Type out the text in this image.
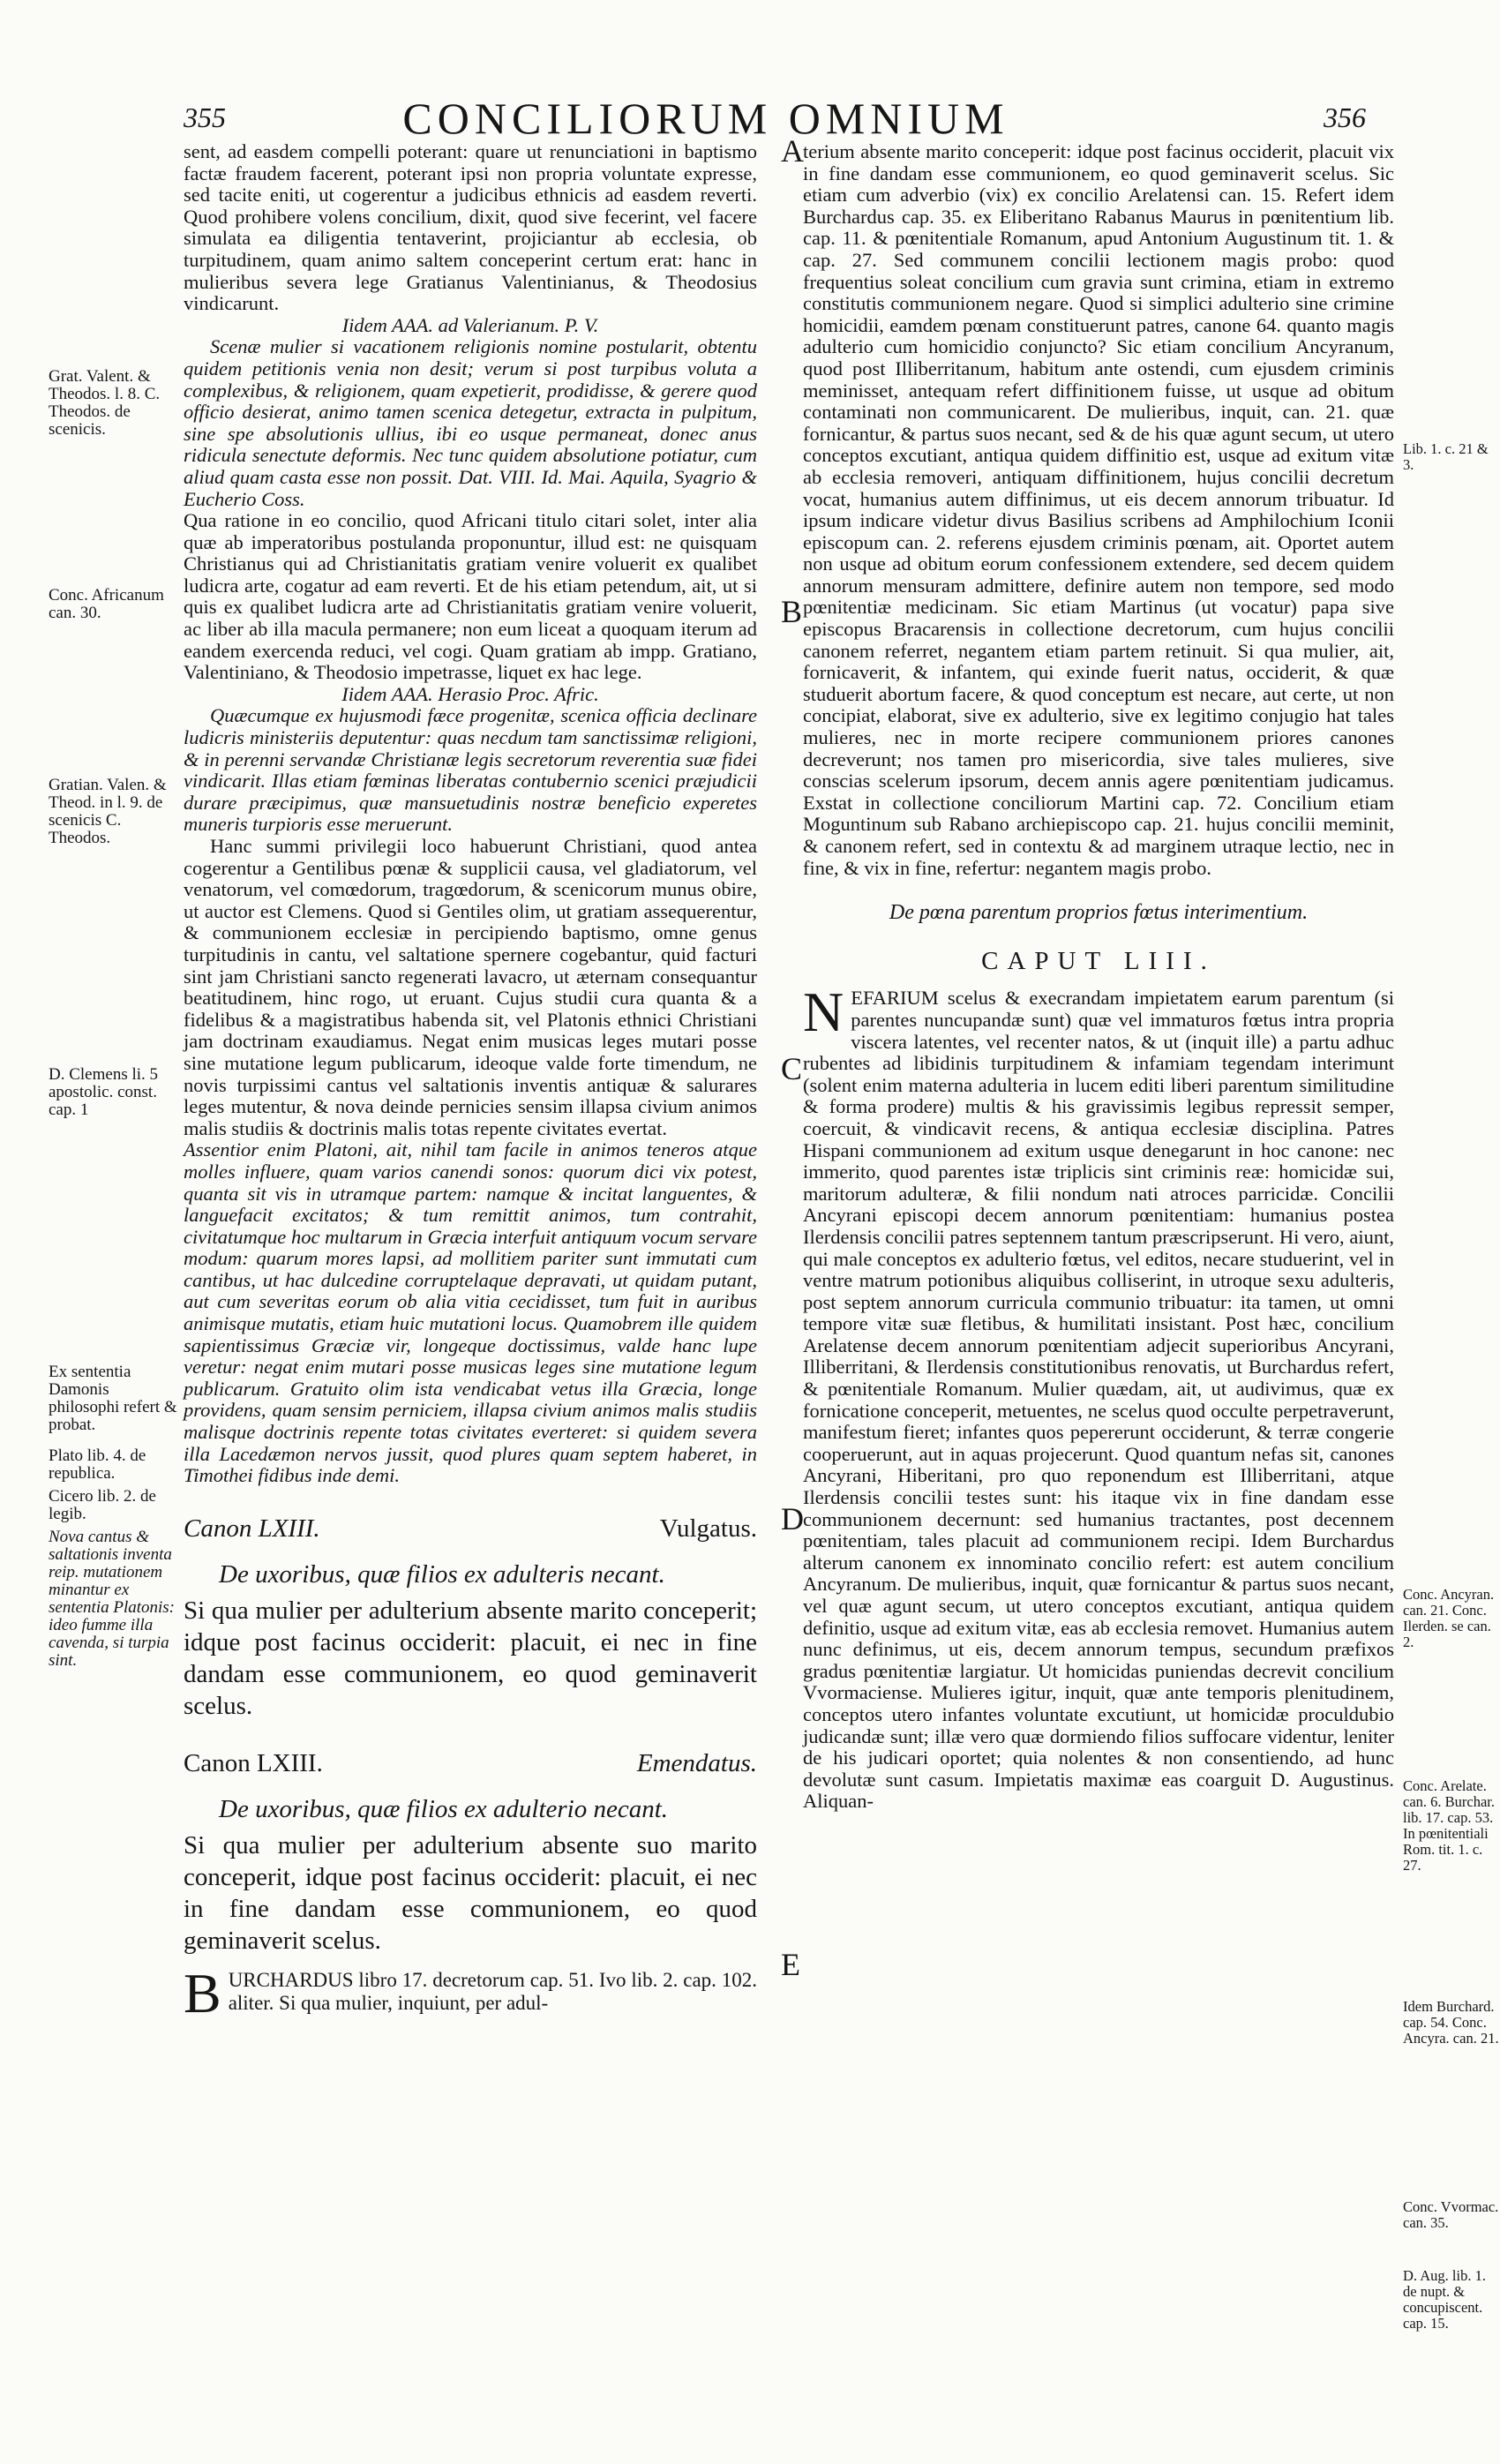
355	CONCILIORUM OMNIUM	356

sent, ad easdem compelli poterant: quare ut renunciationi in baptismo factæ fraudem facerent, poterant ipsi non propria voluntate expresse, sed tacite eniti, ut cogerentur a judicibus ethnicis ad easdem reverti. Quod prohibere volens concilium, dixit, quod sive fecerint, vel facere simulata ea diligentia tentaverint, projiciantur ab ecclesia, ob turpitudinem, quam animo saltem conceperint certum erat: hanc in mulieribus severa lege Gratianus Valentinianus, & Theodosius vindicarunt.

Iidem AAA. ad Valerianum. P. V.

Scenæ mulier si vacationem religionis nomine postularit, obtentu quidem petitionis venia non desit; verum si post turpibus voluta a complexibus, & religionem, quam expetierit, prodidisse, & gerere quod officio desierat, animo tamen scenica detegetur, extracta in pulpitum, sine spe absolutionis ullius, ibi eo usque permaneat, donec anus ridicula senectute deformis. Nec tunc quidem absolutione potiatur, cum aliud quam casta esse non possit. Dat. VIII. Id. Mai. Aquila, Syagrio & Eucherio Coss.

Qua ratione in eo concilio, quod Africani titulo citari solet, inter alia quæ ab imperatoribus postulanda proponuntur, illud est: ne quisquam Christianus qui ad Christianitatis gratiam venire voluerit ex qualibet ludicra arte, cogatur ad eam reverti. Et de his etiam petendum, ait, ut si quis ex qualibet ludicra arte ad Christianitatis gratiam venire voluerit, ac liber ab illa macula permanere; non eum liceat a quoquam iterum ad eandem exercenda reduci, vel cogi. Quam gratiam ab impp. Gratiano, Valentiniano, & Theodosio impetrasse, liquet ex hac lege.

Iidem AAA. Herasio Proc. Afric.

Quæcumque ex hujusmodi fæce progenitæ, scenica officia declinare ludicris ministeriis deputentur: quas necdum tam sanctissimæ religioni, & in perenni servandæ Christianæ legis secretorum reverentia suæ fidei vindicarit. Illas etiam fœminas liberatas contubernio scenici præjudicii durare præcipimus, quæ mansuetudinis nostræ beneficio experetes muneris turpioris esse meruerunt.

Hanc summi privilegii loco habuerunt Christiani, quod antea cogerentur a Gentilibus pœnæ & supplicii causa, vel gladiatorum, vel venatorum, vel comœdorum, tragœdorum, & scenicorum munus obire, ut auctor est Clemens. Quod si Gentiles olim, ut gratiam assequerentur, & communionem ecclesiæ in percipiendo baptismo, omne genus turpitudinis in cantu, vel saltatione spernere cogebantur, quid facturi sint jam Christiani sancto regenerati lavacro, ut æternam consequantur beatitudinem, hinc rogo, ut eruant. Cujus studii cura quanta & a fidelibus & a magistratibus habenda sit, vel Platonis ethnici Christiani jam doctrinam exaudiamus. Negat enim musicas leges mutari posse sine mutatione legum publicarum, ideoque valde forte timendum, ne novis turpissimi cantus vel saltationis inventis antiquæ & salurares leges mutentur, & nova deinde pernicies sensim illapsa civium animos malis studiis & doctrinis malis totas repente civitates evertat.

Assentior enim Platoni, ait, nihil tam facile in animos teneros atque molles influere, quam varios canendi sonos: quorum dici vix potest, quanta sit vis in utramque partem: namque & incitat languentes, & languefacit excitatos; & tum remittit animos, tum contrahit, civitatumque hoc multarum in Græcia interfuit antiquum vocum servare modum: quarum mores lapsi, ad mollitiem pariter sunt immutati cum cantibus, ut hac dulcedine corruptelaque depravati, ut quidam putant, aut cum severitas eorum ob alia vitia cecidisset, tum fuit in auribus animisque mutatis, etiam huic mutationi locus. Quamobrem ille quidem sapientissimus Græciæ vir, longeque doctissimus, valde hanc lupe veretur: negat enim mutari posse musicas leges sine mutatione legum publicarum. Gratuito olim ista vendicabat vetus illa Græcia, longe providens, quam sensim perniciem, illapsa civium animos malis studiis malisque doctrinis repente totas civitates everteret: si quidem severa illa Lacedæmon nervos jussit, quod plures quam septem haberet, in Timothei fidibus inde demi.

Canon LXIII.	Vulgatus.
De uxoribus, quæ filios ex adulteris necant.
Si qua mulier per adulterium absente marito conceperit; idque post facinus occiderit: placuit, ei nec in fine dandam esse communionem, eo quod geminaverit scelus.
Canon LXIII.	Emendatus.
De uxoribus, quæ filios ex adulterio necant.
Si qua mulier per adulterium absente suo marito conceperit, idque post facinus occiderit: placuit, ei nec in fine dandam esse communionem, eo quod geminaverit scelus.
B URCHARDUS libro 17. decretorum cap. 51. Ivo lib. 2. cap. 102. aliter. Si qua mulier, inquiunt, per adul-

terium absente marito conceperit: idque post facinus occiderit, placuit vix in fine dandam esse communionem, eo quod geminaverit scelus. Sic etiam cum adverbio (vix) ex concilio Arelatensi can. 15. Refert idem Burchardus cap. 35. ex Eliberitano Rabanus Maurus in pœnitentium lib. cap. 11. & pœnitentiale Romanum, apud Antonium Augustinum tit. 1. & cap. 27. Sed communem concilii lectionem magis probo: quod frequentius soleat concilium cum gravia sunt crimina, etiam in extremo constitutis communionem negare. Quod si simplici adulterio sine crimine homicidii, eamdem pœnam constituerunt patres, canone 64. quanto magis adulterio cum homicidio conjuncto? Sic etiam concilium Ancyranum, quod post Illiberritanum, habitum ante ostendi, cum ejusdem criminis meminisset, antequam refert diffinitionem fuisse, ut usque ad obitum contaminati non communicarent. De mulieribus, inquit, can. 21. quæ fornicantur, & partus suos necant, sed & de his quæ agunt secum, ut utero conceptos excutiant, antiqua quidem diffinitio est, usque ad exitum vitæ ab ecclesia removeri, antiquam diffinitionem, hujus concilii decretum vocat, humanius autem diffinimus, ut eis decem annorum tribuatur. Id ipsum indicare videtur divus Basilius scribens ad Amphilochium Iconii episcopum can. 2. referens ejusdem criminis pœnam, ait. Oportet autem non usque ad obitum eorum confessionem extendere, sed decem quidem annorum mensuram admittere, definire autem non tempore, sed modo pœnitentiæ medicinam. Sic etiam Martinus (ut vocatur) papa sive episcopus Bracarensis in collectione decretorum, cum hujus concilii canonem referret, negantem etiam partem retinuit. Si qua mulier, ait, fornicaverit, & infantem, qui exinde fuerit natus, occiderit, & quæ studuerit abortum facere, & quod conceptum est necare, aut certe, ut non concipiat, elaborat, sive ex adulterio, sive ex legitimo conjugio hat tales mulieres, nec in morte recipere communionem priores canones decreverunt; nos tamen pro misericordia, sive tales mulieres, sive conscias scelerum ipsorum, decem annis agere pœnitentiam judicamus. Exstat in collectione conciliorum Martini cap. 72. Concilium etiam Moguntinum sub Rabano archiepiscopo cap. 21. hujus concilii meminit, & canonem refert, sed in contextu & ad marginem utraque lectio, nec in fine, & vix in fine, refertur: negantem magis probo.

De pœna parentum proprios fœtus interimentium.

CAPUT LIII.
N EFARIUM scelus & execrandam impietatem earum parentum (si parentes nuncupandæ sunt) quæ vel immaturos fœtus intra propria viscera latentes, vel recenter natos, & ut (inquit ille) a partu adhuc rubentes ad libidinis turpitudinem & infamiam tegendam interimunt (solent enim materna adulteria in lucem editi liberi parentum similitudine & forma prodere) multis & his gravissimis legibus repressit semper, coercuit, & vindicavit recens, & antiqua ecclesiæ disciplina. Patres Hispani communionem ad exitum usque denegarunt in hoc canone: nec immerito, quod parentes istæ triplicis sint criminis reæ: homicidæ sui, maritorum adulteræ, & filii nondum nati atroces parricidæ. Concilii Ancyrani episcopi decem annorum pœnitentiam: humanius postea Ilerdensis concilii patres septennem tantum præscripserunt. Hi vero, aiunt, qui male conceptos ex adulterio fœtus, vel editos, necare studuerint, vel in ventre matrum potionibus aliquibus colliserint, in utroque sexu adulteris, post septem annorum curricula communio tribuatur: ita tamen, ut omni tempore vitæ suæ fletibus, & humilitati insistant. Post hæc, concilium Arelatense decem annorum pœnitentiam adjecit superioribus Ancyrani, Illiberritani, & Ilerdensis constitutionibus renovatis, ut Burchardus refert, & pœnitentiale Romanum. Mulier quædam, ait, ut audivimus, quæ ex fornicatione conceperit, metuentes, ne scelus quod occulte perpetraverunt, manifestum fieret; infantes quos pepererunt occiderunt, & terræ congerie cooperuerunt, aut in aquas projecerunt. Quod quantum nefas sit, canones Ancyrani, Hiberitani, pro quo reponendum est Illiberritani, atque Ilerdensis concilii testes sunt: his itaque vix in fine dandam esse communionem decernunt: sed humanius tractantes, post decennem pœnitentiam, tales placuit ad communionem recipi. Idem Burchardus alterum canonem ex innominato concilio refert: est autem concilium Ancyranum. De mulieribus, inquit, quæ fornicantur & partus suos necant, vel quæ agunt secum, ut utero conceptos excutiant, antiqua quidem definitio, usque ad exitum vitæ, eas ab ecclesia removet. Humanius autem nunc definimus, ut eis, decem annorum tempus, secundum præfixos gradus pœnitentiæ largiatur. Ut homicidas puniendas decrevit concilium Vvormaciense. Mulieres igitur, inquit, quæ ante temporis plenitudinem, conceptos utero infantes voluntate excutiunt, ut homicidæ proculdubio judicandæ sunt; illæ vero quæ dormiendo filios suffocare videntur, leniter de his judicari oportet; quia nolentes & non consentiendo, ad hunc devolutæ sunt casum. Impietatis maximæ eas coarguit D. Augustinus. Aliquan-
A
B
C
D
E
Grat. Valent. & Theodos. l. 8. C. Theodos. de scenicis.
Conc. Africanum can. 30.
Gratian. Valen. & Theod. in l. 9. de scenicis C. Theodos.
D. Clemens li. 5 apostolic. const. cap. 1
Ex sententia Damonis philosophi refert & probat.
Plato lib. 4. de republica.
Cicero lib. 2. de legib.
Nova cantus & saltationis inventa reip. mutationem minantur ex sententia Platonis: ideo fumme illa cavenda, si turpia sint.
Lib. 1. c. 21 & 3.
Conc. Ancyran. can. 21. Conc. Ilerden. se can. 2.
Conc. Arelate. can. 6. Burchar. lib. 17. cap. 53. In pœnitentiali Rom. tit. 1. c. 27.
Idem Burchard. cap. 54. Conc. Ancyra. can. 21.
Conc. Vvormac. can. 35.
D. Aug. lib. 1. de nupt. & concupiscent. cap. 15.
